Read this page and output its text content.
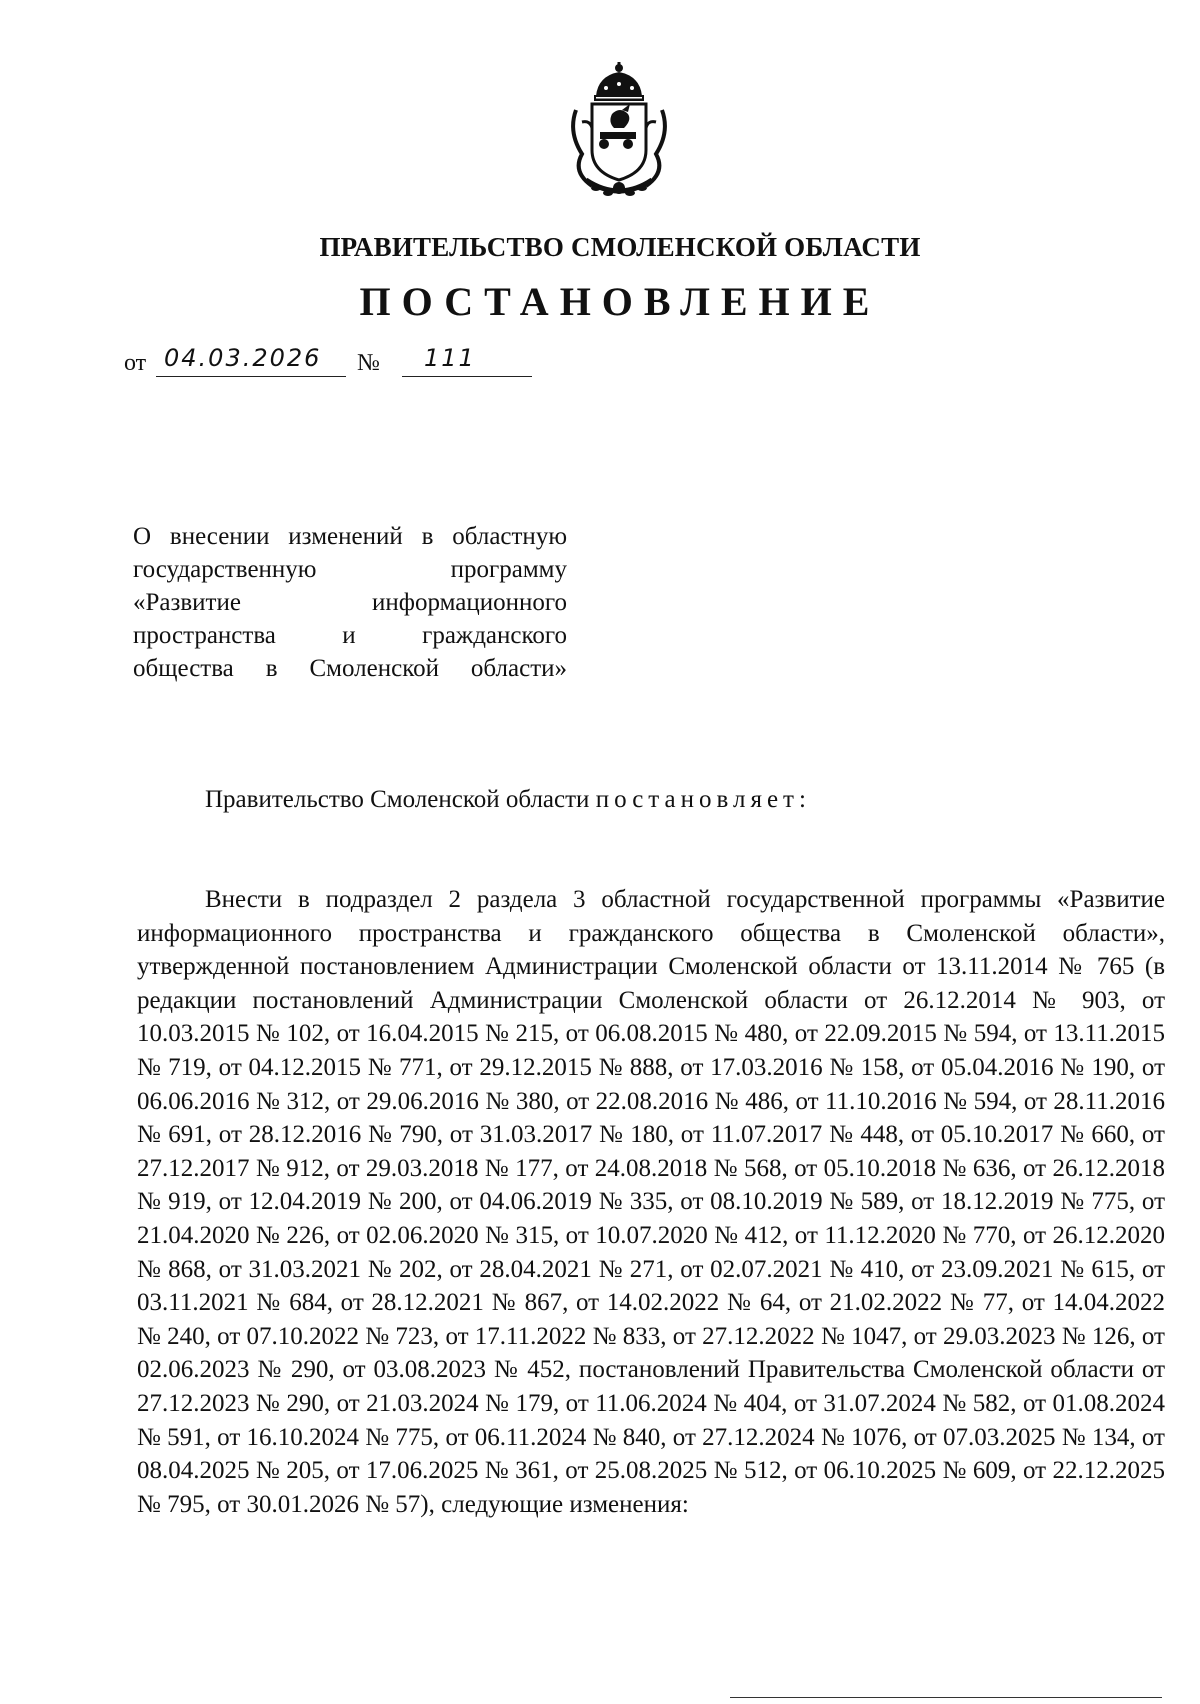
ПРАВИТЕЛЬСТВО СМОЛЕНСКОЙ ОБЛАСТИ
ПОСТАНОВЛЕНИЕ
от 04.03.2026 № 111
О внесении изменений в областную
государственную программу
«Развитие информационного
пространства и гражданского
общества в Смоленской области»
Правительство Смоленской области постановляет:

Внести в подраздел 2 раздела 3 областной государственной программы «Развитие информационного пространства и гражданского общества в Смоленской области», утвержденной постановлением Администрации Смоленской области от 13.11.2014 № 765 (в редакции постановлений Администрации Смоленской области от 26.12.2014 № 903, от 10.03.2015 № 102, от 16.04.2015 № 215, от 06.08.2015 № 480, от 22.09.2015 № 594, от 13.11.2015 № 719, от 04.12.2015 № 771, от 29.12.2015 № 888, от 17.03.2016 № 158, от 05.04.2016 № 190, от 06.06.2016 № 312, от 29.06.2016 № 380, от 22.08.2016 № 486, от 11.10.2016 № 594, от 28.11.2016 № 691, от 28.12.2016 № 790, от 31.03.2017 № 180, от 11.07.2017 № 448, от 05.10.2017 № 660, от 27.12.2017 № 912, от 29.03.2018 № 177, от 24.08.2018 № 568, от 05.10.2018 № 636, от 26.12.2018 № 919, от 12.04.2019 № 200, от 04.06.2019 № 335, от 08.10.2019 № 589, от 18.12.2019 № 775, от 21.04.2020 № 226, от 02.06.2020 № 315, от 10.07.2020 № 412, от 11.12.2020 № 770, от 26.12.2020 № 868, от 31.03.2021 № 202, от 28.04.2021 № 271, от 02.07.2021 № 410, от 23.09.2021 № 615, от 03.11.2021 № 684, от 28.12.2021 № 867, от 14.02.2022 № 64, от 21.02.2022 № 77, от 14.04.2022 № 240, от 07.10.2022 № 723, от 17.11.2022 № 833, от 27.12.2022 № 1047, от 29.03.2023 № 126, от 02.06.2023 № 290, от 03.08.2023 № 452, постановлений Правительства Смоленской области от 27.12.2023 № 290, от 21.03.2024 № 179, от 11.06.2024 № 404, от 31.07.2024 № 582, от 01.08.2024 № 591, от 16.10.2024 № 775, от 06.11.2024 № 840, от 27.12.2024 № 1076, от 07.03.2025 № 134, от 08.04.2025 № 205, от 17.06.2025 № 361, от 25.08.2025 № 512, от 06.10.2025 № 609, от 22.12.2025 № 795, от 30.01.2026 № 57), следующие изменения:
